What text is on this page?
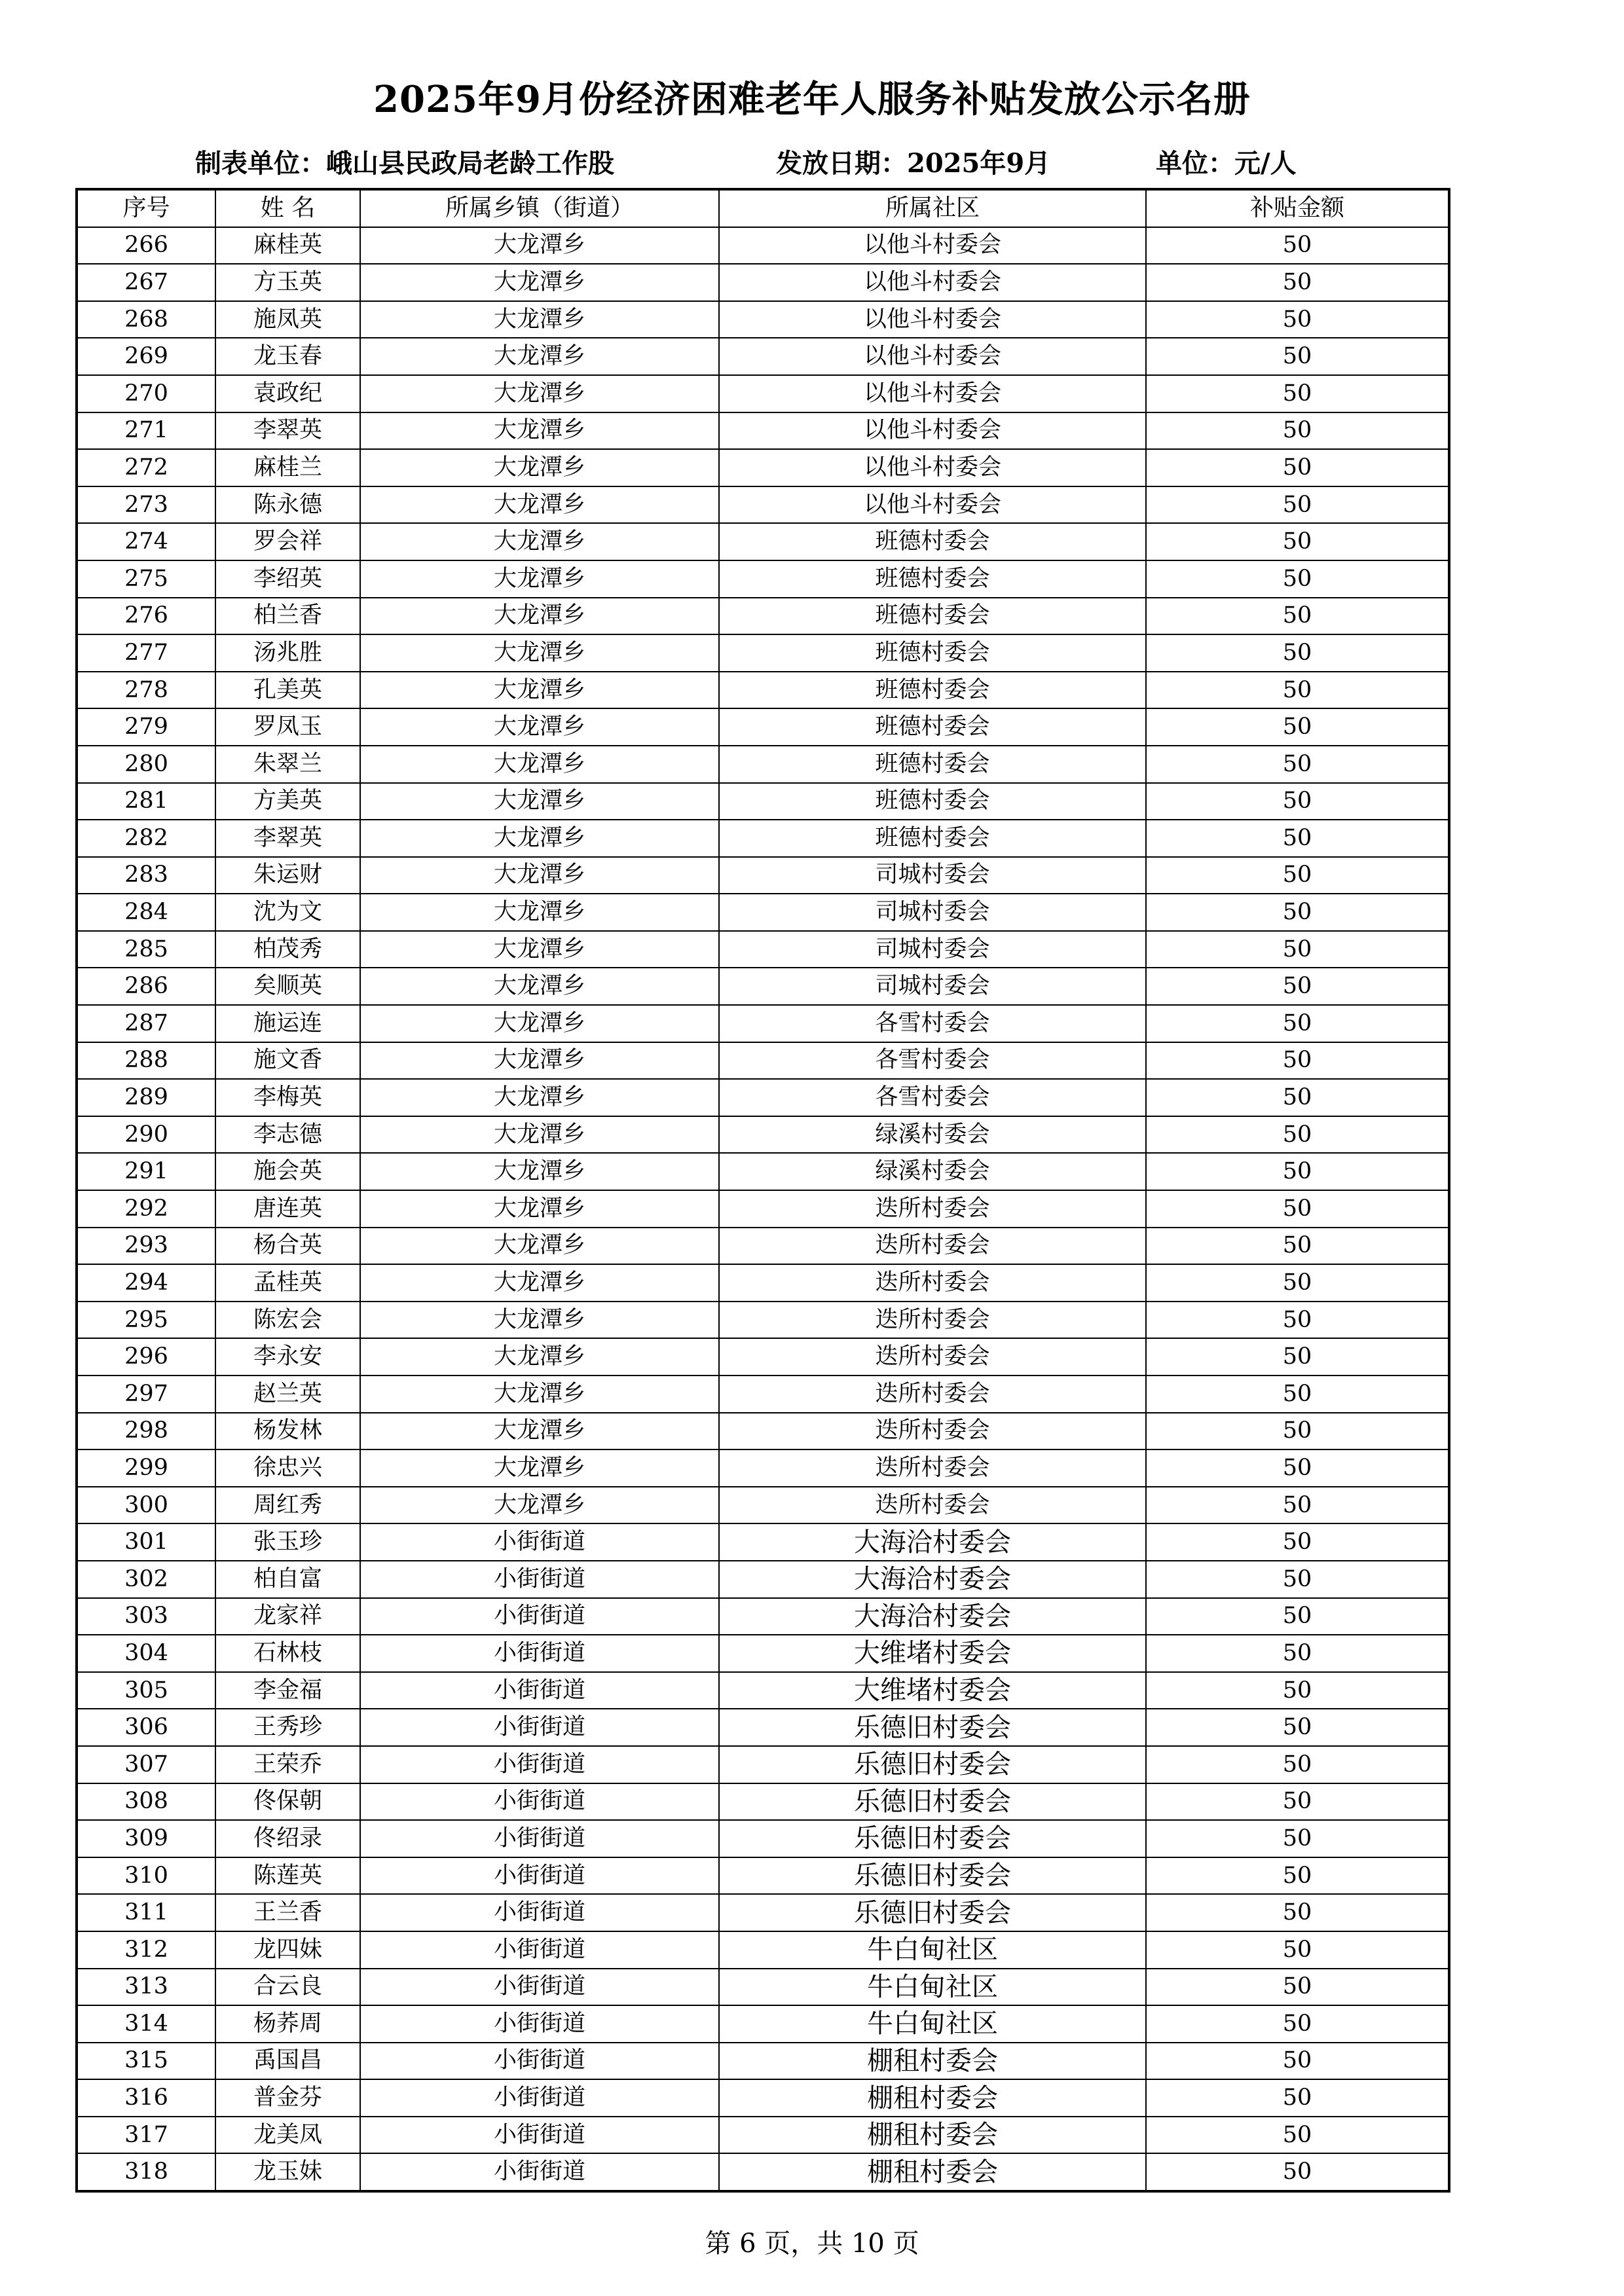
2025年9月份经济困难老年人服务补贴发放公示名册
制表单位：峨山县民政局老龄工作股	发放日期：2025年9月	单位：元/人
序号	姓 名	所属乡镇（街道）	所属社区	补贴金额
266	麻桂英	大龙潭乡	以他斗村委会	50
267	方玉英	大龙潭乡	以他斗村委会	50
268	施凤英	大龙潭乡	以他斗村委会	50
269	龙玉春	大龙潭乡	以他斗村委会	50
270	袁政纪	大龙潭乡	以他斗村委会	50
271	李翠英	大龙潭乡	以他斗村委会	50
272	麻桂兰	大龙潭乡	以他斗村委会	50
273	陈永德	大龙潭乡	以他斗村委会	50
274	罗会祥	大龙潭乡	班德村委会	50
275	李绍英	大龙潭乡	班德村委会	50
276	柏兰香	大龙潭乡	班德村委会	50
277	汤兆胜	大龙潭乡	班德村委会	50
278	孔美英	大龙潭乡	班德村委会	50
279	罗凤玉	大龙潭乡	班德村委会	50
280	朱翠兰	大龙潭乡	班德村委会	50
281	方美英	大龙潭乡	班德村委会	50
282	李翠英	大龙潭乡	班德村委会	50
283	朱运财	大龙潭乡	司城村委会	50
284	沈为文	大龙潭乡	司城村委会	50
285	柏茂秀	大龙潭乡	司城村委会	50
286	矣顺英	大龙潭乡	司城村委会	50
287	施运连	大龙潭乡	各雪村委会	50
288	施文香	大龙潭乡	各雪村委会	50
289	李梅英	大龙潭乡	各雪村委会	50
290	李志德	大龙潭乡	绿溪村委会	50
291	施会英	大龙潭乡	绿溪村委会	50
292	唐连英	大龙潭乡	迭所村委会	50
293	杨合英	大龙潭乡	迭所村委会	50
294	孟桂英	大龙潭乡	迭所村委会	50
295	陈宏会	大龙潭乡	迭所村委会	50
296	李永安	大龙潭乡	迭所村委会	50
297	赵兰英	大龙潭乡	迭所村委会	50
298	杨发林	大龙潭乡	迭所村委会	50
299	徐忠兴	大龙潭乡	迭所村委会	50
300	周红秀	大龙潭乡	迭所村委会	50
301	张玉珍	小街街道	大海洽村委会	50
302	柏自富	小街街道	大海洽村委会	50
303	龙家祥	小街街道	大海洽村委会	50
304	石林枝	小街街道	大维堵村委会	50
305	李金福	小街街道	大维堵村委会	50
306	王秀珍	小街街道	乐德旧村委会	50
307	王荣乔	小街街道	乐德旧村委会	50
308	佟保朝	小街街道	乐德旧村委会	50
309	佟绍录	小街街道	乐德旧村委会	50
310	陈莲英	小街街道	乐德旧村委会	50
311	王兰香	小街街道	乐德旧村委会	50
312	龙四妹	小街街道	牛白甸社区	50
313	合云良	小街街道	牛白甸社区	50
314	杨荞周	小街街道	牛白甸社区	50
315	禹国昌	小街街道	棚租村委会	50
316	普金芬	小街街道	棚租村委会	50
317	龙美凤	小街街道	棚租村委会	50
318	龙玉妹	小街街道	棚租村委会	50
第 6 页，共 10 页
